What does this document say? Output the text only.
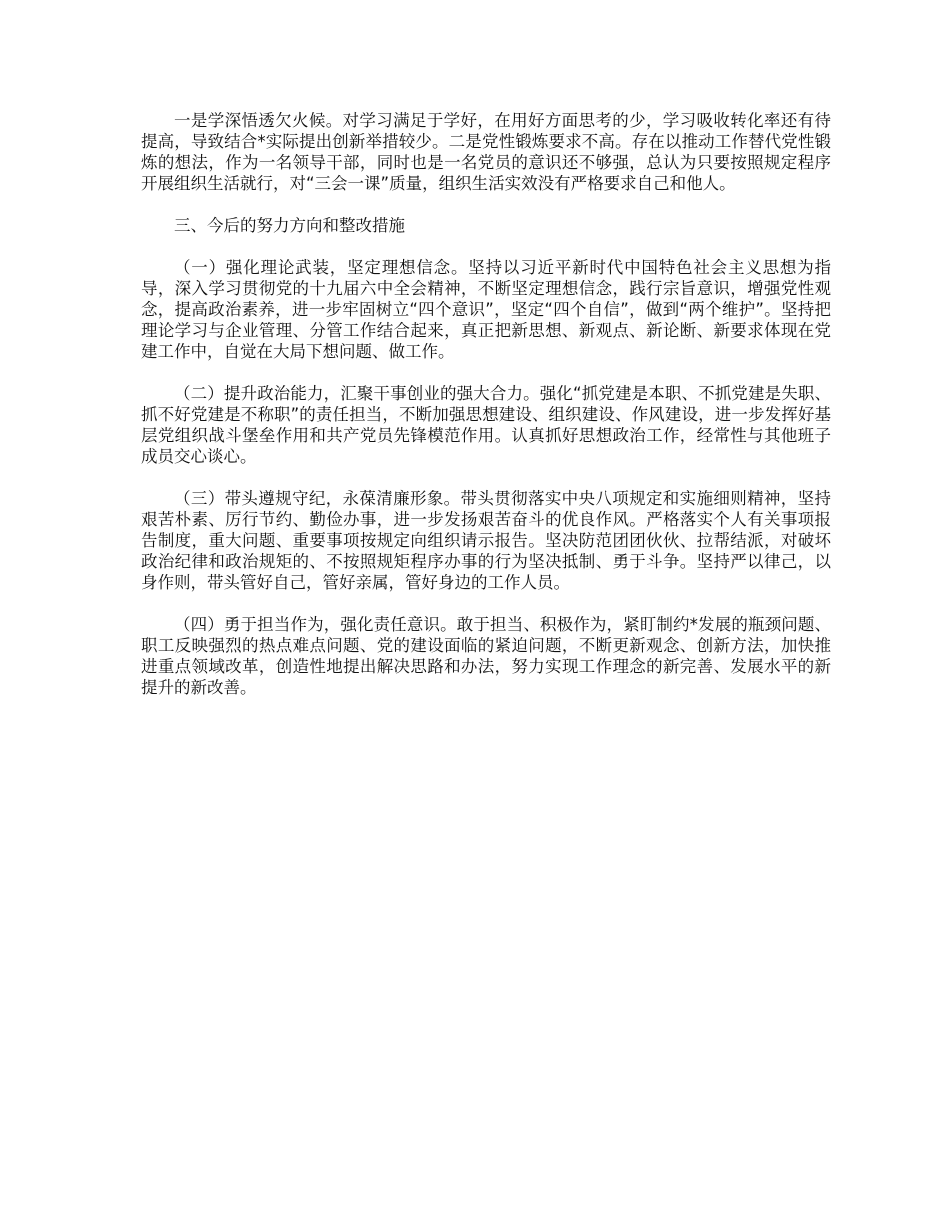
一是学深悟透欠火候。对学习满足于学好，在用好方面思考的少，学习吸收转化率还有待提高，导致结合*实际提出创新举措较少。二是党性锻炼要求不高。存在以推动工作替代党性锻炼的想法，作为一名领导干部，同时也是一名党员的意识还不够强，总认为只要按照规定程序开展组织生活就行，对“三会一课”质量，组织生活实效没有严格要求自己和他人。

三、今后的努力方向和整改措施

（一）强化理论武装，坚定理想信念。坚持以习近平新时代中国特色社会主义思想为指导，深入学习贯彻党的十九届六中全会精神，不断坚定理想信念，践行宗旨意识，增强党性观念，提高政治素养，进一步牢固树立“四个意识”，坚定“四个自信”，做到“两个维护”。坚持把理论学习与企业管理、分管工作结合起来，真正把新思想、新观点、新论断、新要求体现在党建工作中，自觉在大局下想问题、做工作。

（二）提升政治能力，汇聚干事创业的强大合力。强化“抓党建是本职、不抓党建是失职、抓不好党建是不称职”的责任担当，不断加强思想建设、组织建设、作风建设，进一步发挥好基层党组织战斗堡垒作用和共产党员先锋模范作用。认真抓好思想政治工作，经常性与其他班子成员交心谈心。

（三）带头遵规守纪，永葆清廉形象。带头贯彻落实中央八项规定和实施细则精神，坚持艰苦朴素、厉行节约、勤俭办事，进一步发扬艰苦奋斗的优良作风。严格落实个人有关事项报告制度，重大问题、重要事项按规定向组织请示报告。坚决防范团团伙伙、拉帮结派，对破坏政治纪律和政治规矩的、不按照规矩程序办事的行为坚决抵制、勇于斗争。坚持严以律己，以身作则，带头管好自己，管好亲属，管好身边的工作人员。

（四）勇于担当作为，强化责任意识。敢于担当、积极作为，紧盯制约*发展的瓶颈问题、职工反映强烈的热点难点问题、党的建设面临的紧迫问题，不断更新观念、创新方法，加快推进重点领域改革，创造性地提出解决思路和办法，努力实现工作理念的新完善、发展水平的新提升的新改善。
